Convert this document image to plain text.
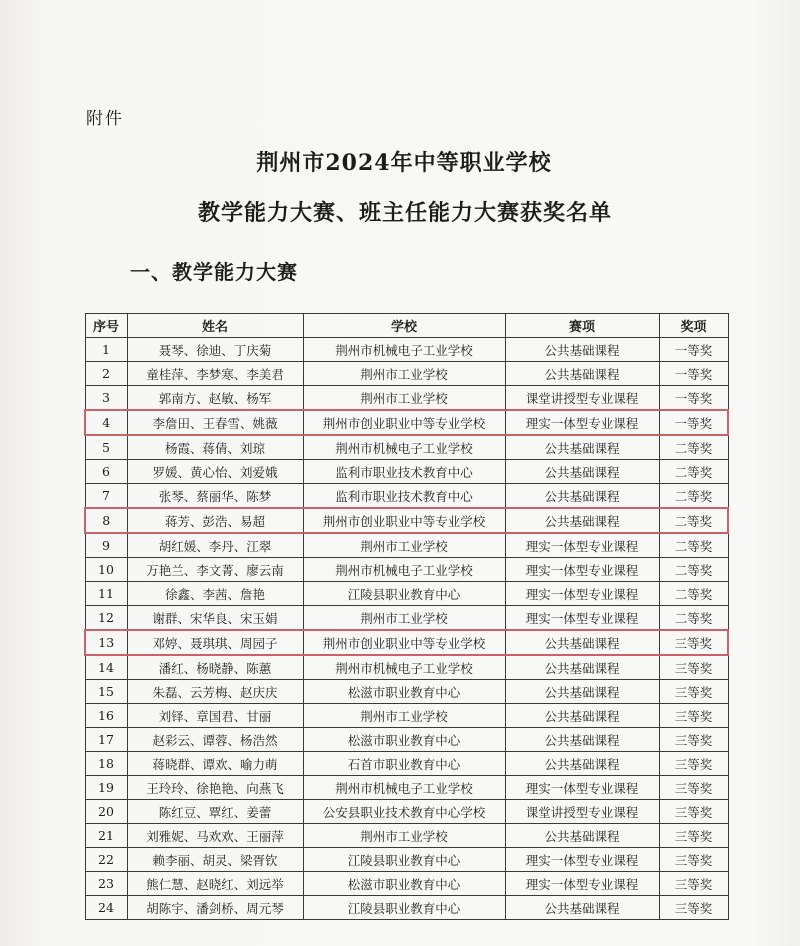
附件
荆州市2024年中等职业学校
教学能力大赛、班主任能力大赛获奖名单
一、教学能力大赛
序号	姓名	学校	赛项	奖项
1	聂琴、徐迪、丁庆菊	荆州市机械电子工业学校	公共基础课程	一等奖
2	童桂萍、李梦寒、李美君	荆州市工业学校	公共基础课程	一等奖
3	郭南方、赵敏、杨军	荆州市工业学校	课堂讲授型专业课程	一等奖
4	李詹田、王春雪、姚薇	荆州市创业职业中等专业学校	理实一体型专业课程	一等奖
5	杨霞、蒋倩、刘琼	荆州市机械电子工业学校	公共基础课程	二等奖
6	罗媛、黄心怡、刘爱娥	监利市职业技术教育中心	公共基础课程	二等奖
7	张琴、蔡丽华、陈梦	监利市职业技术教育中心	公共基础课程	二等奖
8	蒋芳、彭浩、易超	荆州市创业职业中等专业学校	公共基础课程	二等奖
9	胡红媛、李丹、江翠	荆州市工业学校	理实一体型专业课程	二等奖
10	万艳兰、李文菁、廖云南	荆州市机械电子工业学校	理实一体型专业课程	二等奖
11	徐鑫、李茜、詹艳	江陵县职业教育中心	理实一体型专业课程	二等奖
12	谢群、宋华良、宋玉娟	荆州市工业学校	理实一体型专业课程	二等奖
13	邓婷、聂琪琪、周园子	荆州市创业职业中等专业学校	公共基础课程	三等奖
14	潘红、杨晓静、陈蕙	荆州市机械电子工业学校	公共基础课程	三等奖
15	朱磊、云芳梅、赵庆庆	松滋市职业教育中心	公共基础课程	三等奖
16	刘铎、章国君、甘丽	荆州市工业学校	公共基础课程	三等奖
17	赵彩云、谭蓉、杨浩然	松滋市职业教育中心	公共基础课程	三等奖
18	蒋晓群、谭欢、喻力萌	石首市职业教育中心	公共基础课程	三等奖
19	王玲玲、徐艳艳、向燕飞	荆州市机械电子工业学校	理实一体型专业课程	三等奖
20	陈红豆、覃红、姜蕾	公安县职业技术教育中心学校	课堂讲授型专业课程	三等奖
21	刘雅妮、马欢欢、王丽萍	荆州市工业学校	公共基础课程	三等奖
22	赖李丽、胡灵、梁胥钦	江陵县职业教育中心	理实一体型专业课程	三等奖
23	熊仁慧、赵晓红、刘远举	松滋市职业教育中心	理实一体型专业课程	三等奖
24	胡陈宇、潘剑桥、周元琴	江陵县职业教育中心	公共基础课程	三等奖
